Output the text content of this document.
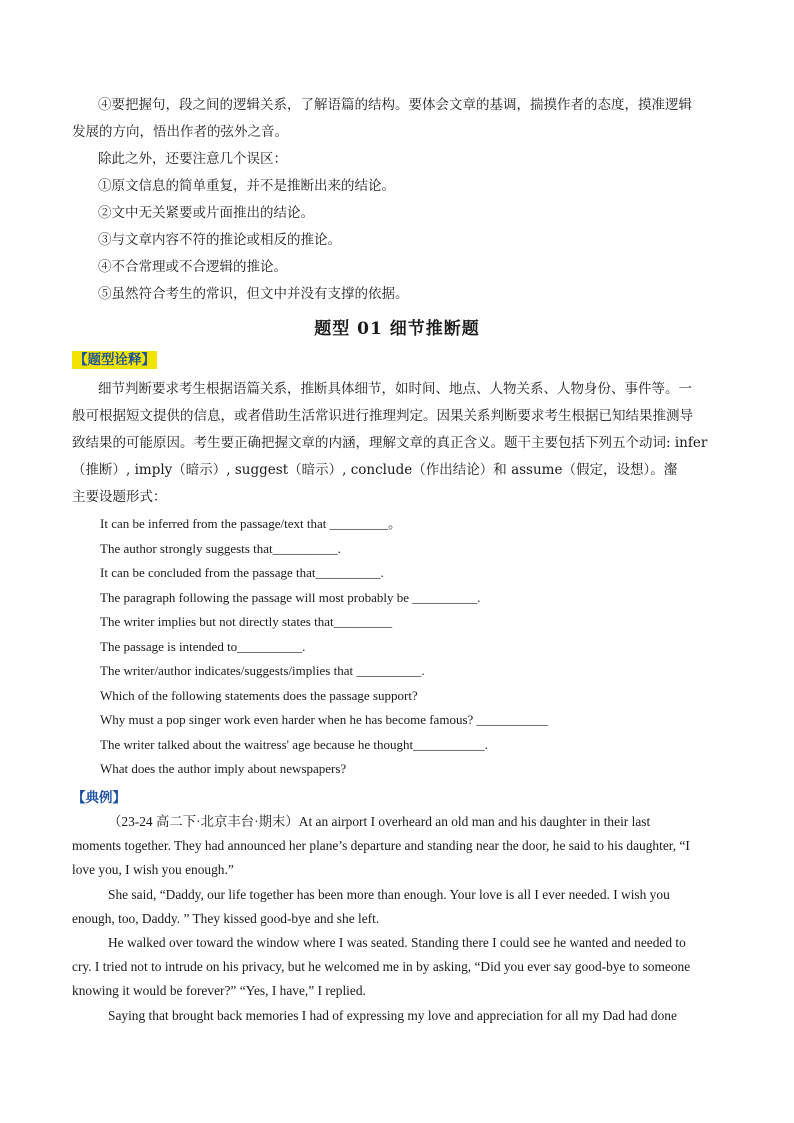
④要把握句，段之间的逻辑关系，了解语篇的结构。要体会文章的基调，揣摸作者的态度，摸准逻辑
发展的方向，悟出作者的弦外之音。
除此之外，还要注意几个误区：
①原文信息的简单重复，并不是推断出来的结论。
②文中无关紧要或片面推出的结论。
③与文章内容不符的推论或相反的推论。
④不合常理或不合逻辑的推论。
⑤虽然符合考生的常识，但文中并没有支撑的依据。
题型 01 细节推断题
【题型诠释】
细节判断要求考生根据语篇关系，推断具体细节，如时间、地点、人物关系、人物身份、事件等。一
般可根据短文提供的信息，或者借助生活常识进行推理判定。因果关系判断要求考生根据已知结果推测导
致结果的可能原因。考生要正确把握文章的内涵，理解文章的真正含义。题干主要包括下列五个动词: infer
（推断）, imply（暗示）, suggest（暗示）, conclude（作出结论）和 assume（假定，设想）。瀣
主要设题形式：
It can be inferred from the passage/text that _________。
The author strongly suggests that__________.
It can be concluded from the passage that__________.
The paragraph following the passage will most probably be __________.
The writer implies but not directly states that_________
The passage is intended to__________.
The writer/author indicates/suggests/implies that __________.
Which of the following statements does the passage support?
Why must a pop singer work even harder when he has become famous? ___________
The writer talked about the waitress' age because he thought___________.
What does the author imply about newspapers?
【典例】
（23-24 高二下·北京丰台·期末）At an airport I overheard an old man and his daughter in their last
moments together. They had announced her plane’s departure and standing near the door, he said to his daughter, “I
love you, I wish you enough.”
She said, “Daddy, our life together has been more than enough. Your love is all I ever needed. I wish you
enough, too, Daddy. ” They kissed good-bye and she left.
He walked over toward the window where I was seated. Standing there I could see he wanted and needed to
cry. I tried not to intrude on his privacy, but he welcomed me in by asking, “Did you ever say good-bye to someone
knowing it would be forever?” “Yes, I have,” I replied.
Saying that brought back memories I had of expressing my love and appreciation for all my Dad had done
